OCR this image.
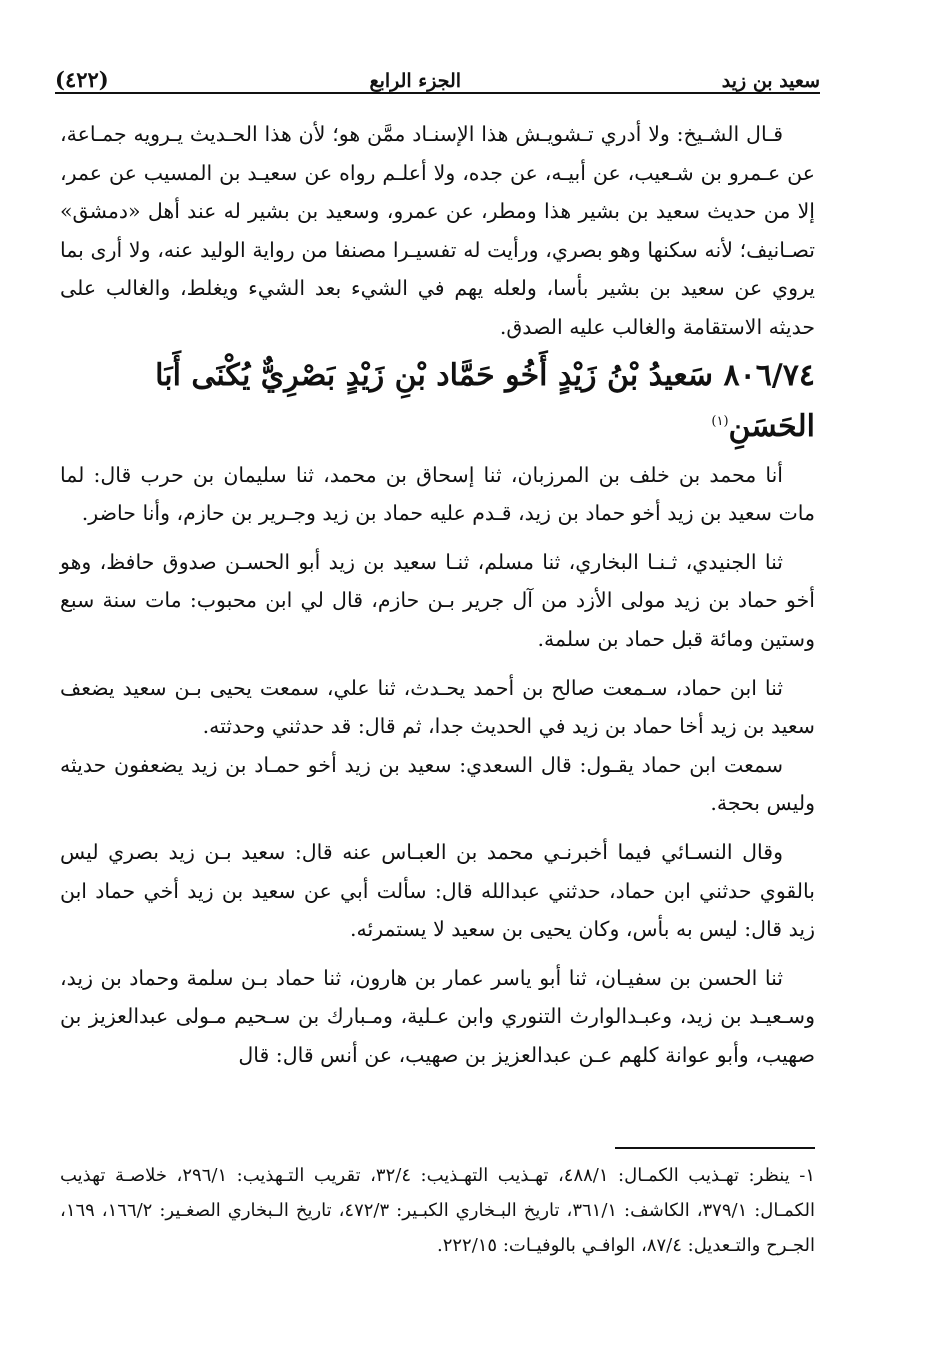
سعيد بن زيد
الجزء الرابع
(٤٢٢)

قـال الشـيخ: ولا أدري تـشويـش هذا الإسنـاد ممَّن هو؛ لأن هذا الحـديث يـرويه جمـاعة، عن عـمرو بن شـعيب، عن أبيـه، عن جده، ولا أعلـم رواه عن سعيـد بن المسيب عن عمر، إلا من حديث سعيد بن بشير هذا ومطر، عن عمرو، وسعيد بن بشير له عند أهل «دمشق» تصـانيف؛ لأنه سكنها وهو بصري، ورأيت له تفسيـرا مصنفا من رواية الوليد عنه، ولا أرى بما يروي عن سعيد بن بشير بأسا، ولعله يهم في الشيء بعد الشيء ويغلط، والغالب على حديثه الاستقامة والغالب عليه الصدق.

٨٠٦/٧٤ سَعيدُ بْنُ زَيْدٍ أَخُو حَمَّاد بْنِ زَيْدٍ بَصْرِيٌّ يُكْنَى أَبَا الحَسَنِ$^{(١)}$

أنا محمد بن خلف بن المرزبان، ثنا إسحاق بن محمد، ثنا سليمان بن حرب قال: لما مات سعيد بن زيد أخو حماد بن زيد، قـدم عليه حماد بن زيد وجـرير بن حازم، وأنا حاضر.

ثنا الجنيدي، ثـنـا البخاري، ثنا مسلم، ثنـا سعيد بن زيد أبو الحسـن صدوق حافظ، وهو أخو حماد بن زيد مولى الأزد من آل جرير بـن حازم، قال لي ابن محبوب: مات سنة سبع وستين ومائة قبل حماد بن سلمة.

ثنا ابن حماد، سـمعت صالح بن أحمد يحـدث، ثنا علي، سمعت يحيى بـن سعيد يضعف سعيد بن زيد أخا حماد بن زيد في الحديث جدا، ثم قال: قد حدثني وحدثته.

سمعت ابن حماد يقـول: قال السعدي: سعيد بن زيد أخو حمـاد بن زيد يضعفون حديثه وليس بحجة.

وقال النسـائي فيما أخبرنـي محمد بن العبـاس عنه قال: سعيد بـن زيد بصري ليس بالقوي حدثني ابن حماد، حدثني عبدالله قال: سألت أبي عن سعيد بن زيد أخي حماد ابن زيد قال: ليس به بأس، وكان يحيى بن سعيد لا يستمرئه.

ثنا الحسن بن سفيـان، ثنا أبو ياسر عمار بن هارون، ثنا حماد بـن سلمة وحماد بن زيد، وسـعيـد بن زيد، وعبـدالوارث التنوري وابن عـلية، ومـبارك بن سـحيم مـولى عبدالعزيز بن صهيب، وأبو عوانة كلهم عـن عبدالعزيز بن صهيب، عن أنس قال: قال

١- ينظر: تهـذيب الكمـال: ٤٨٨/١، تهـذيب التهـذيب: ٣٢/٤، تقريب التـهذيب: ٢٩٦/١، خلاصـة تهذيب الكمـال: ٣٧٩/١، الكاشف: ٣٦١/١، تاريخ البـخاري الكبـير: ٤٧٢/٣، تاريخ الـبخاري الصغـير: ١٦٦/٢، ١٦٩، الجـرح والتـعديل: ٨٧/٤، الوافـي بالوفيـات: ٢٢٢/١٥.
